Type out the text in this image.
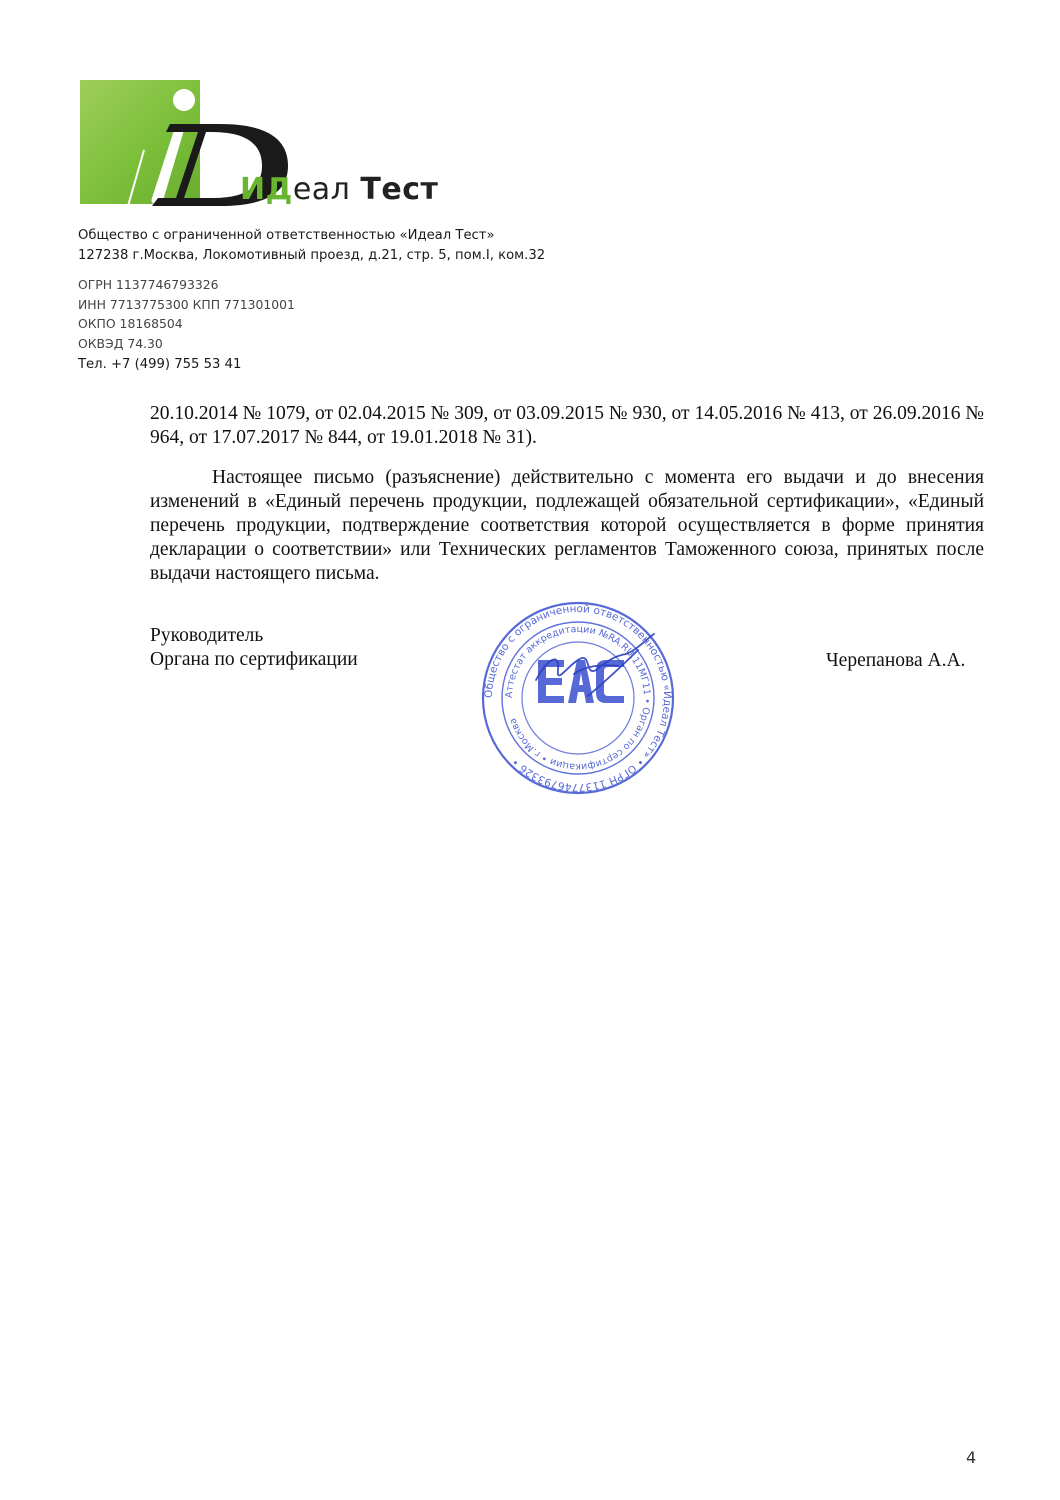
ИДеал Тест
Общество с ограниченной ответственностью «Идеал Тест»
127238 г.Москва, Локомотивный проезд, д.21, стр. 5, пом.I, ком.32
ОГРН 1137746793326
ИНН 7713775300 КПП 771301001
ОКПО 18168504
ОКВЭД 74.30
Тел. +7 (499) 755 53 41
20.10.2014 № 1079, от 02.04.2015 № 309, от 03.09.2015 № 930, от 14.05.2016 № 413, от 26.09.2016 № 964, от 17.07.2017 № 844, от 19.01.2018 № 31).
Настоящее письмо (разъяснение) действительно с момента его выдачи и до внесения изменений в «Единый перечень продукции, подлежащей обязательной сертификации», «Единый перечень продукции, подтверждение соответствия которой осуществляется в форме принятия декларации о соответствии» или Технических регламентов Таможенного союза, принятых после выдачи настоящего письма.
Руководитель
Органа по сертификации	Черепанова А.А.
Общество с ограниченной ответственностью «Идеал Тест» • ОГРН 1137746793326 •
Аттестат аккредитации №RA.RU.11МГ11 • Орган по сертификации • г.Москва
4
